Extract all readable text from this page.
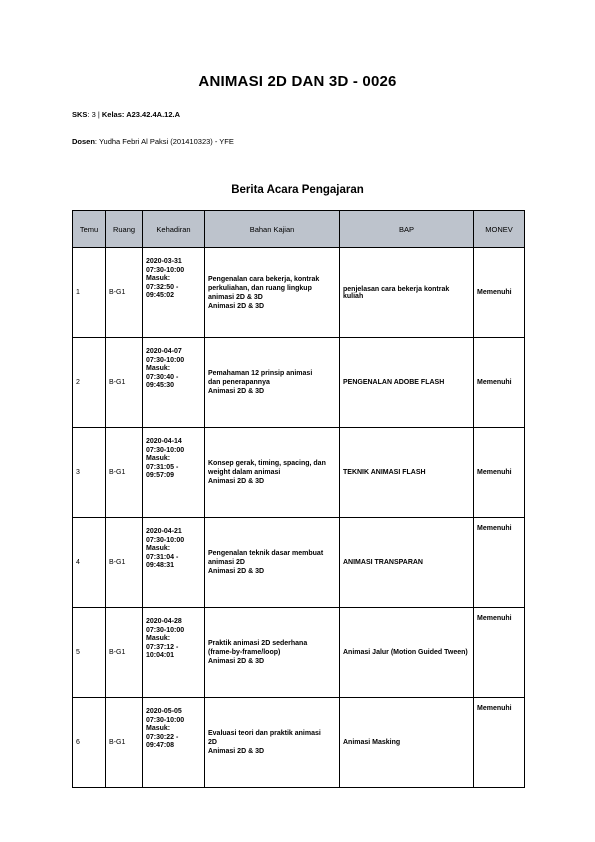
ANIMASI 2D DAN 3D - 0026
SKS: 3 | Kelas: A23.42.4A.12.A
Dosen: Yudha Febri Al Paksi (201410323) - YFE
Berita Acara Pengajaran
Temu	Ruang	Kehadiran	Bahan Kajian	BAP	MONEV
1	B-G1	2020-03-31
07:30-10:00
Masuk:
07:32:50 -
09:45:02	Pengenalan cara bekerja, kontrak
perkuliahan, dan ruang lingkup
animasi 2D & 3D
Animasi 2D & 3D	penjelasan cara bekerja kontrak kuliah	Memenuhi
2	B-G1	2020-04-07
07:30-10:00
Masuk:
07:30:40 -
09:45:30	Pemahaman 12 prinsip animasi
dan penerapannya
Animasi 2D & 3D	PENGENALAN ADOBE FLASH	Memenuhi
3	B-G1	2020-04-14
07:30-10:00
Masuk:
07:31:05 -
09:57:09	Konsep gerak, timing, spacing, dan
weight dalam animasi
Animasi 2D & 3D	TEKNIK ANIMASI FLASH	Memenuhi
4	B-G1	2020-04-21
07:30-10:00
Masuk:
07:31:04 -
09:48:31	Pengenalan teknik dasar membuat
animasi 2D
Animasi 2D & 3D	ANIMASI TRANSPARAN	Memenuhi
5	B-G1	2020-04-28
07:30-10:00
Masuk:
07:37:12 -
10:04:01	Praktik animasi 2D sederhana
(frame-by-frame/loop)
Animasi 2D & 3D	Animasi Jalur (Motion Guided Tween)	Memenuhi
6	B-G1	2020-05-05
07:30-10:00
Masuk:
07:30:22 -
09:47:08	Evaluasi teori dan praktik animasi
2D
Animasi 2D & 3D	Animasi Masking	Memenuhi
